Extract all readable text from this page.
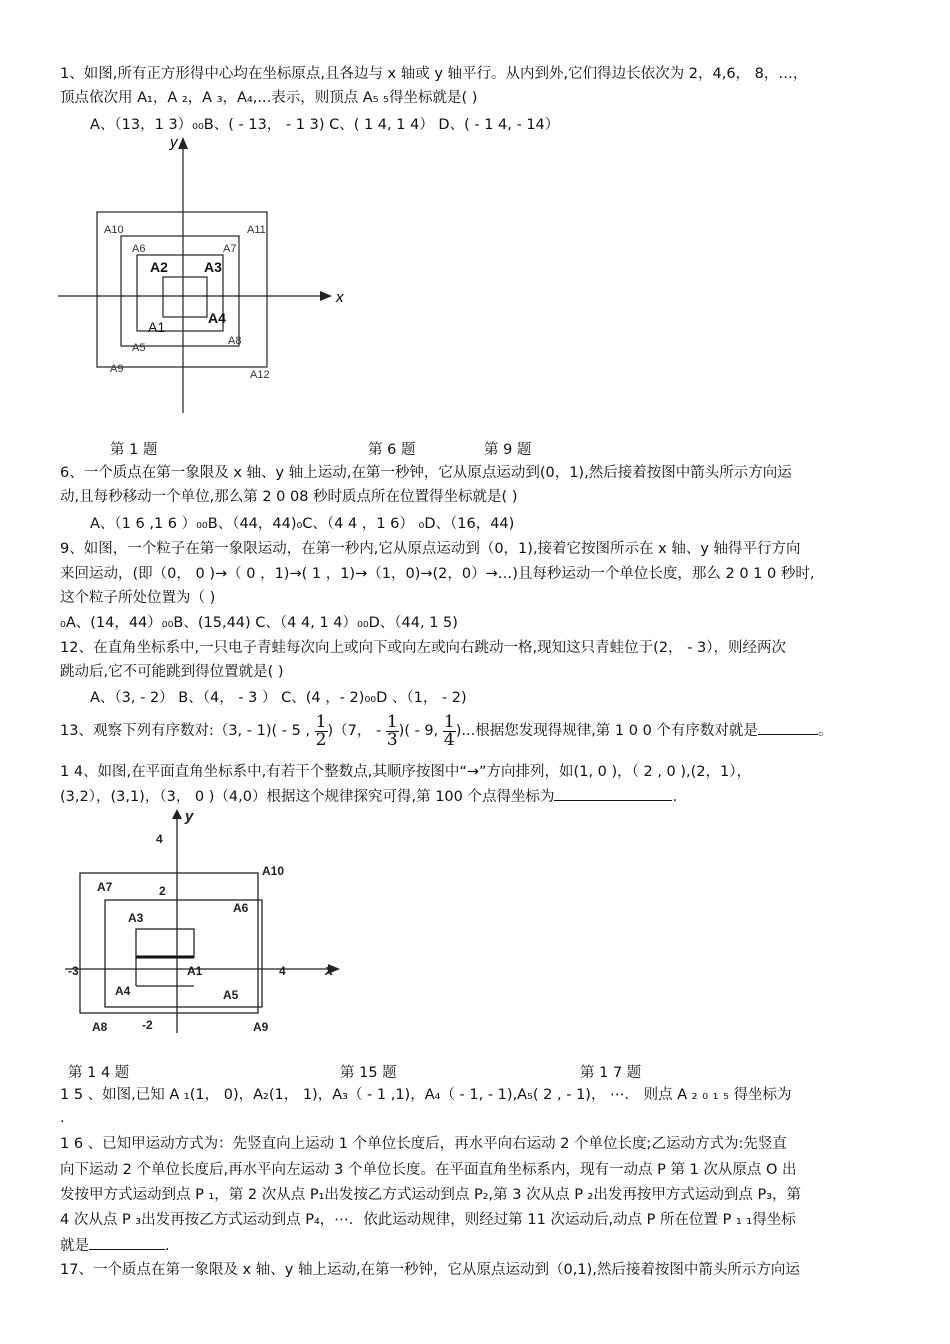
1、如图,所有正方形得中心均在坐标原点,且各边与 x 轴或 y 轴平行。从内到外,它们得边长依次为 2，4,6， 8，…，
顶点依次用 A₁，A ₂，A ₃，A₄,...表示，则顶点 A₅ ₅得坐标就是( )
A、（13，1 3）₀₀B、( - 13， - 1 3) C、( 1 4, 1 4） D、( - 1 4, - 14）
y
x
A10	A11
A6	A7
A2	A3
A1
A4
A5
A8
A9	A12
第 1 题	第 6 题	第 9 题
6、一个质点在第一象限及 x 轴、y 轴上运动,在第一秒钟，它从原点运动到(0，1),然后接着按图中箭头所示方向运
动,且每秒移动一个单位,那么第 2 0 08 秒时质点所在位置得坐标就是( )
A、（1 6 ,1 6 ）₀₀B、（44，44)₀C、（4 4 ，1 6） ₀D、（16，44)
9、如图，一个粒子在第一象限运动，在第一秒内,它从原点运动到（0，1),接着它按图所示在 x 轴、y 轴得平行方向
来回运动，(即（0， 0 )→（ 0 ，1)→( 1 ，1)→（1，0)→(2，0）→…)且每秒运动一个单位长度，那么 2 0 1 0 秒时,
这个粒子所处位置为（ )
₀A、(14，44）₀₀B、(15,44) C、（4 4, 1 4）₀₀D、（44, 1 5)
12、在直角坐标系中,一只电子青蛙每次向上或向下或向左或向右跳动一格,现知这只青蛙位于(2， - 3），则经两次
跳动后,它不可能跳到得位置就是( )
A、（3, - 2） B、（4， - 3 ） C、(4 ，- 2)₀₀D 、（1， - 2)
13、观察下列有序数对:（3, - 1)( - 5 , $\frac{1}{2} )(7$， - $\frac{1}{3}$ )( - 9, $\frac{1}{4}$ )...根据您发现得规律,第 1 0 0 个有序数对就是	。
1 4、如图,在平面直角坐标系中,有若干个整数点,其顺序按图中“→”方向排列，如(1, 0 )，（ 2 , 0 ),(2，1），
(3,2），(3,1)，（3， 0 )（4,0）根据这个规律探究可得,第 100 个点得坐标为	.
y
x
4
2
4
-3
-2
A10
A7
A6
A3
A1
A4	A5
A8	A9
第 1 4 题	第 15 题	第 1 7 题
1 5 、如图,已知 A ₁(1， 0)，A₂(1， 1)，A₃（ - 1 ,1)，A₄（ - 1, - 1),A₅( 2 , - 1)， ⋯． 则点 A ₂ ₀ ₁ ₅ 得坐标为
.
1 6 、已知甲运动方式为：先竖直向上运动 1 个单位长度后，再水平向右运动 2 个单位长度;乙运动方式为:先竖直
向下运动 2 个单位长度后,再水平向左运动 3 个单位长度。在平面直角坐标系内，现有一动点 P 第 1 次从原点 O 出
发按甲方式运动到点 P ₁，第 2 次从点 P₁出发按乙方式运动到点 P₂,第 3 次从点 P ₂出发再按甲方式运动到点 P₃，第
4 次从点 P ₃出发再按乙方式运动到点 P₄，⋯．依此运动规律，则经过第 11 次运动后,动点 P 所在位置 P ₁ ₁得坐标
就是	.
17、一个质点在第一象限及 x 轴、y 轴上运动,在第一秒钟，它从原点运动到（0,1),然后接着按图中箭头所示方向运
